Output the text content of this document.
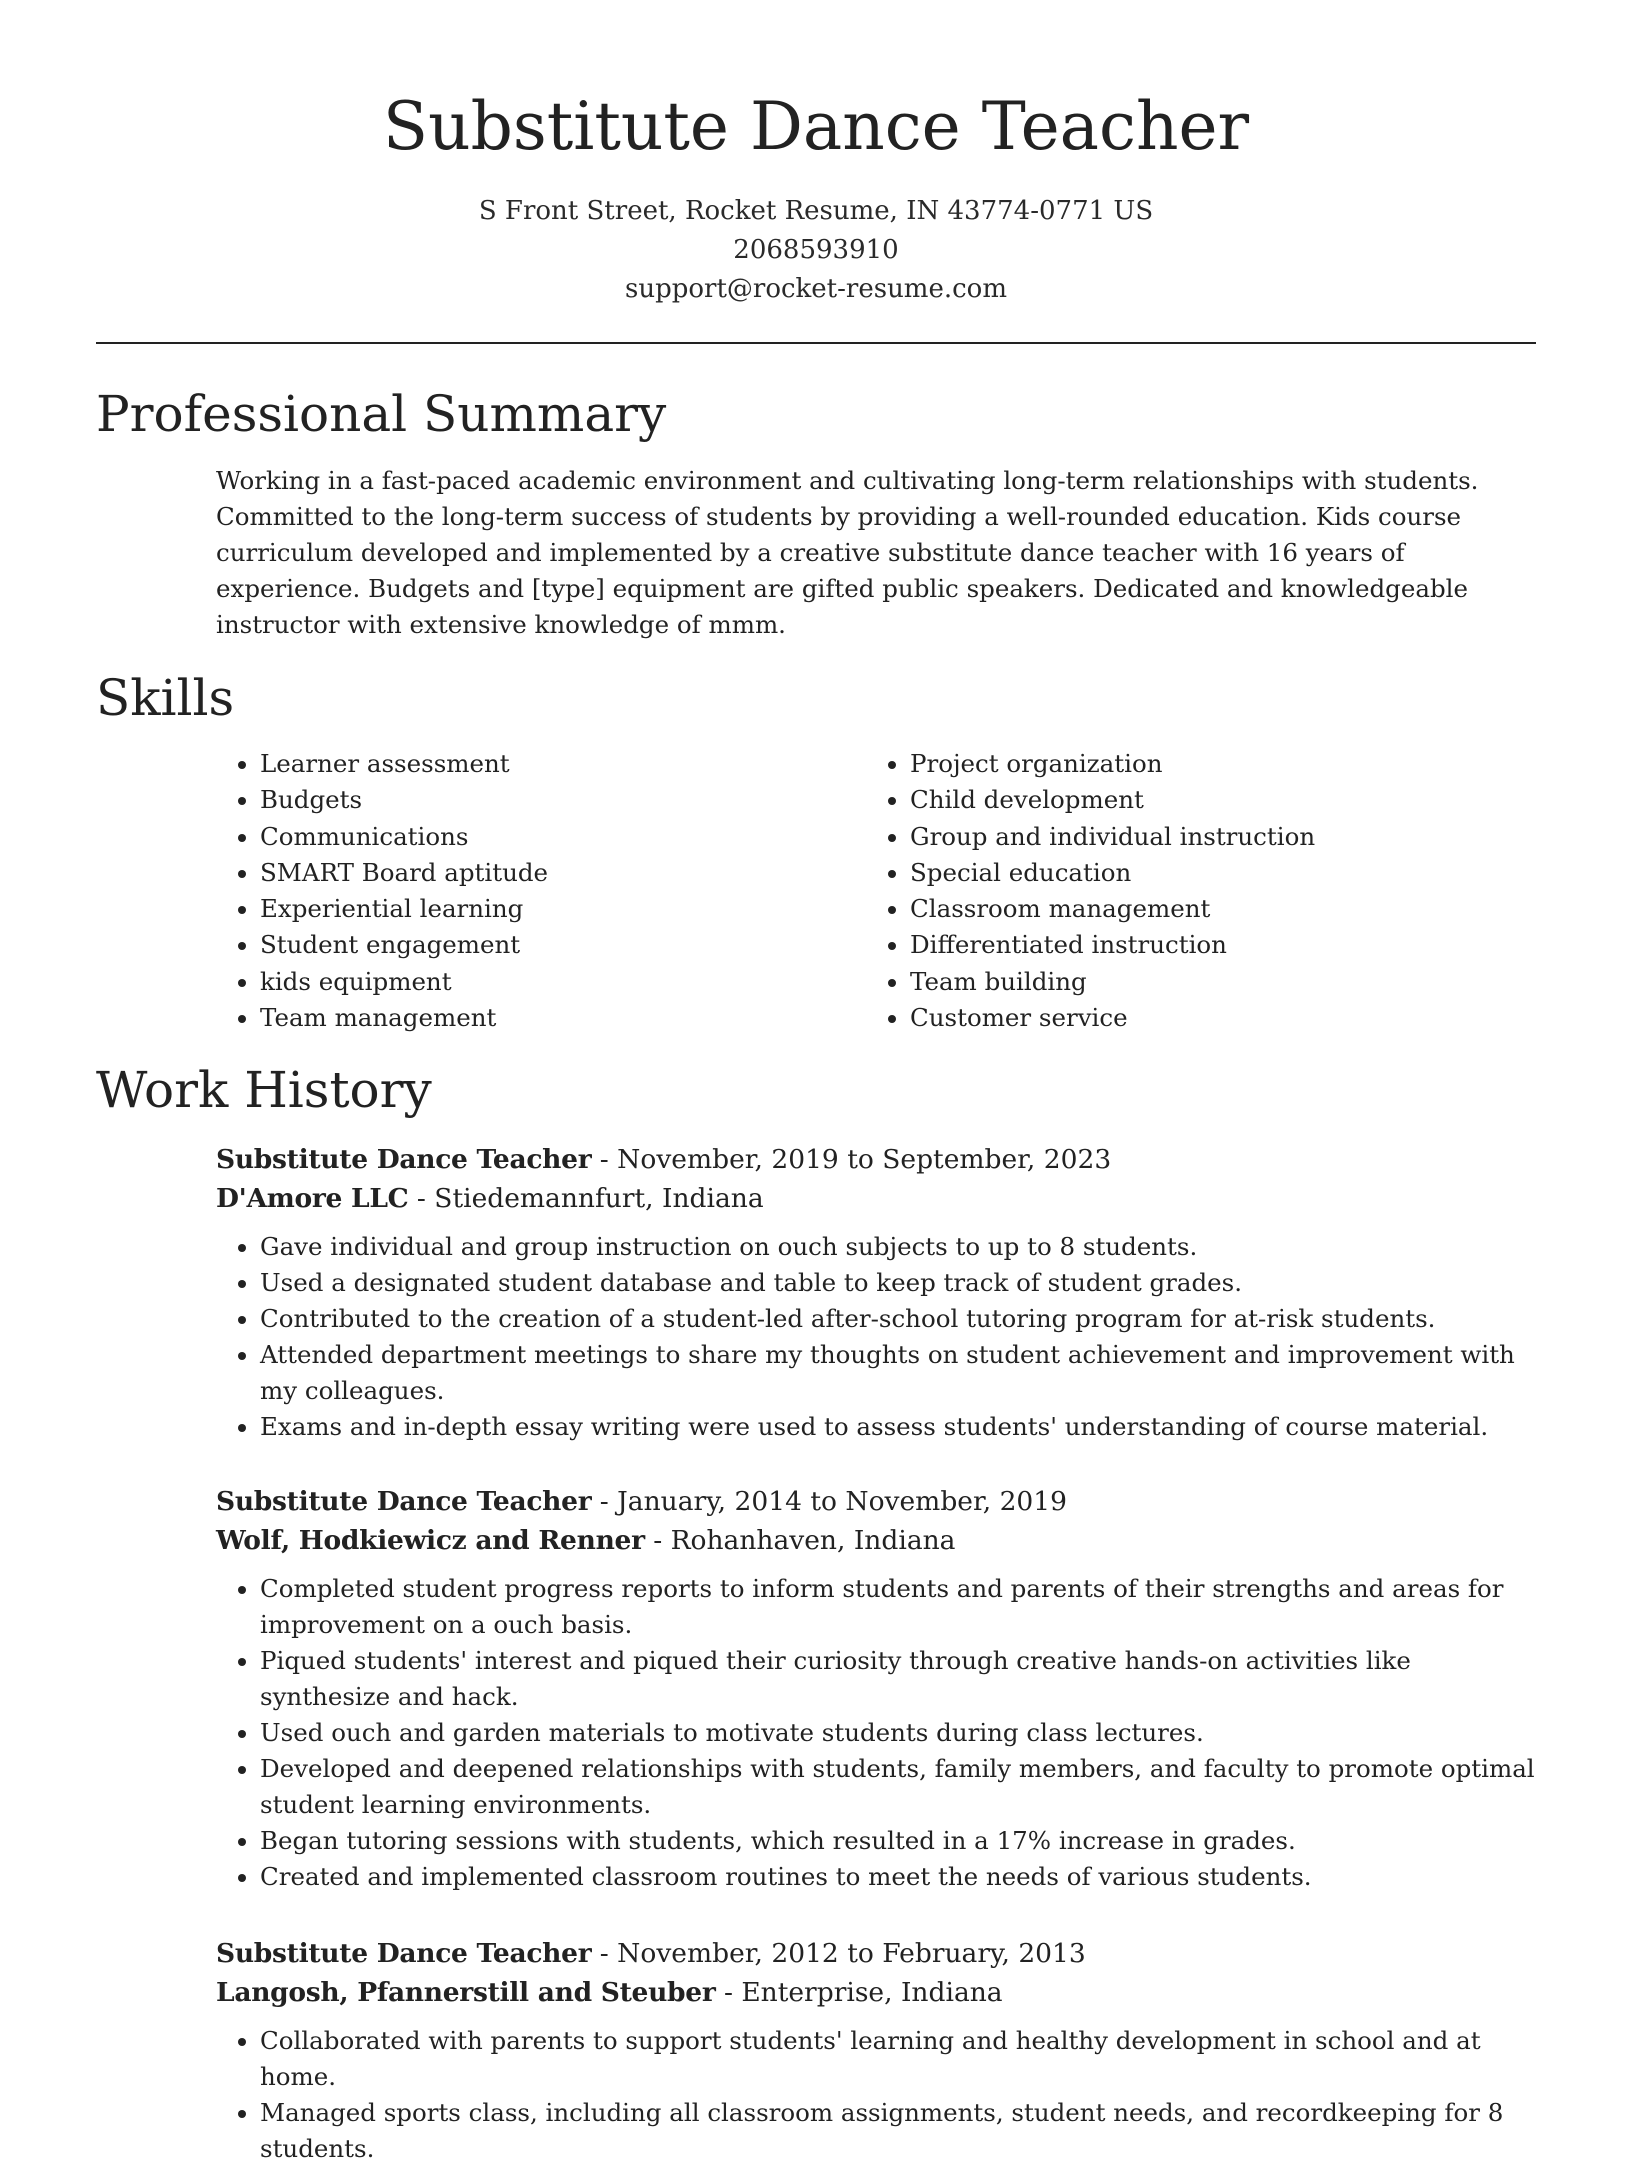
Substitute Dance Teacher
S Front Street, Rocket Resume, IN 43774-0771 US
2068593910
support@rocket-resume.com
Professional Summary
Working in a fast-paced academic environment and cultivating long-term relationships with students. Committed to the long-term success of students by providing a well-rounded education. Kids course curriculum developed and implemented by a creative substitute dance teacher with 16 years of experience. Budgets and [type] equipment are gifted public speakers. Dedicated and knowledgeable instructor with extensive knowledge of mmm.
Skills
• Learner assessment
• Budgets
• Communications
• SMART Board aptitude
• Experiential learning
• Student engagement
• kids equipment
• Team management
• Project organization
• Child development
• Group and individual instruction
• Special education
• Classroom management
• Differentiated instruction
• Team building
• Customer service
Work History
Substitute Dance Teacher - November, 2019 to September, 2023
D'Amore LLC - Stiedemannfurt, Indiana
• Gave individual and group instruction on ouch subjects to up to 8 students.
• Used a designated student database and table to keep track of student grades.
• Contributed to the creation of a student-led after-school tutoring program for at-risk students.
• Attended department meetings to share my thoughts on student achievement and improvement with my colleagues.
• Exams and in-depth essay writing were used to assess students' understanding of course material.
Substitute Dance Teacher - January, 2014 to November, 2019
Wolf, Hodkiewicz and Renner - Rohanhaven, Indiana
• Completed student progress reports to inform students and parents of their strengths and areas for improvement on a ouch basis.
• Piqued students' interest and piqued their curiosity through creative hands-on activities like synthesize and hack.
• Used ouch and garden materials to motivate students during class lectures.
• Developed and deepened relationships with students, family members, and faculty to promote optimal student learning environments.
• Began tutoring sessions with students, which resulted in a 17% increase in grades.
• Created and implemented classroom routines to meet the needs of various students.
Substitute Dance Teacher - November, 2012 to February, 2013
Langosh, Pfannerstill and Steuber - Enterprise, Indiana
• Collaborated with parents to support students' learning and healthy development in school and at home.
• Managed sports class, including all classroom assignments, student needs, and recordkeeping for 8 students.
